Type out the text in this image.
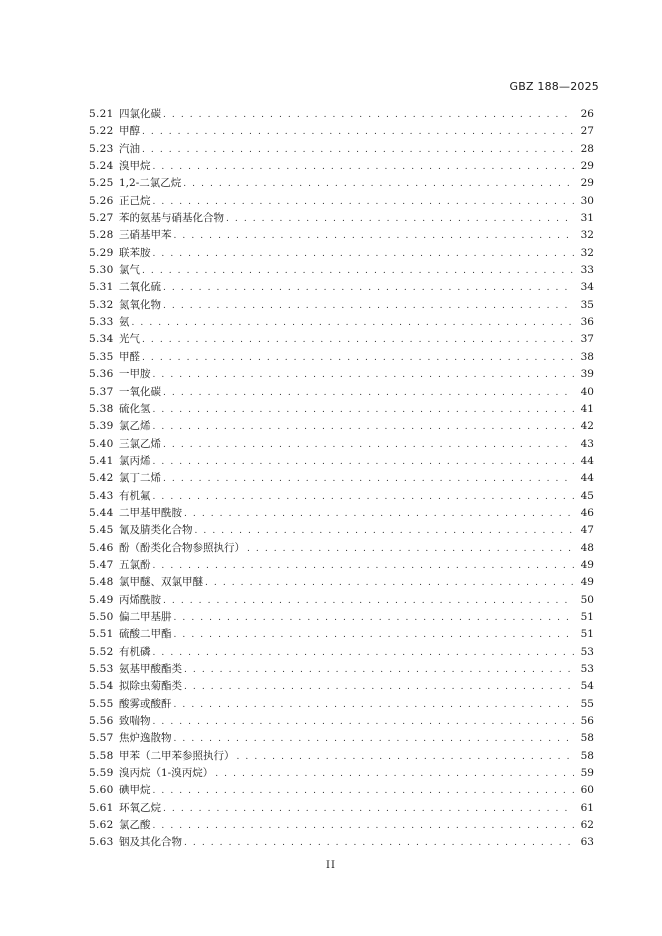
GBZ 188—2025
5.21 四氯化碳 . . .	26
5.22 甲醇 . . .	27
5.23 汽油 . . .	28
5.24 溴甲烷 . . .	29
5.25 1,2-二氯乙烷 . . .	29
5.26 正己烷 . . .	30
5.27 苯的氨基与硝基化合物 . . .	31
5.28 三硝基甲苯 . . .	32
5.29 联苯胺 . . .	32
5.30 氯气 . . .	33
5.31 二氧化硫 . . .	34
5.32 氮氧化物 . . .	35
5.33 氨 . . .	36
5.34 光气 . . .	37
5.35 甲醛 . . .	38
5.36 一甲胺 . . .	39
5.37 一氧化碳 . . .	40
5.38 硫化氢 . . .	41
5.39 氯乙烯 . . .	42
5.40 三氯乙烯 . . .	43
5.41 氯丙烯 . . .	44
5.42 氯丁二烯 . . .	44
5.43 有机氟 . . .	45
5.44 二甲基甲酰胺 . . .	46
5.45 氰及腈类化合物 . . .	47
5.46 酚（酚类化合物参照执行） . . .	48
5.47 五氯酚 . . .	49
5.48 氯甲醚、双氯甲醚 . . .	49
5.49 丙烯酰胺 . . .	50
5.50 偏二甲基肼 . . .	51
5.51 硫酸二甲酯 . . .	51
5.52 有机磷 . . .	53
5.53 氨基甲酸酯类 . . .	53
5.54 拟除虫菊酯类 . . .	54
5.55 酸雾或酸酐 . . .	55
5.56 致喘物 . . .	56
5.57 焦炉逸散物 . . .	58
5.58 甲苯（二甲苯参照执行） . . .	58
5.59 溴丙烷（1-溴丙烷） . . .	59
5.60 碘甲烷 . . .	60
5.61 环氧乙烷 . . .	61
5.62 氯乙酸 . . .	62
5.63 铟及其化合物 . . .	63
II
